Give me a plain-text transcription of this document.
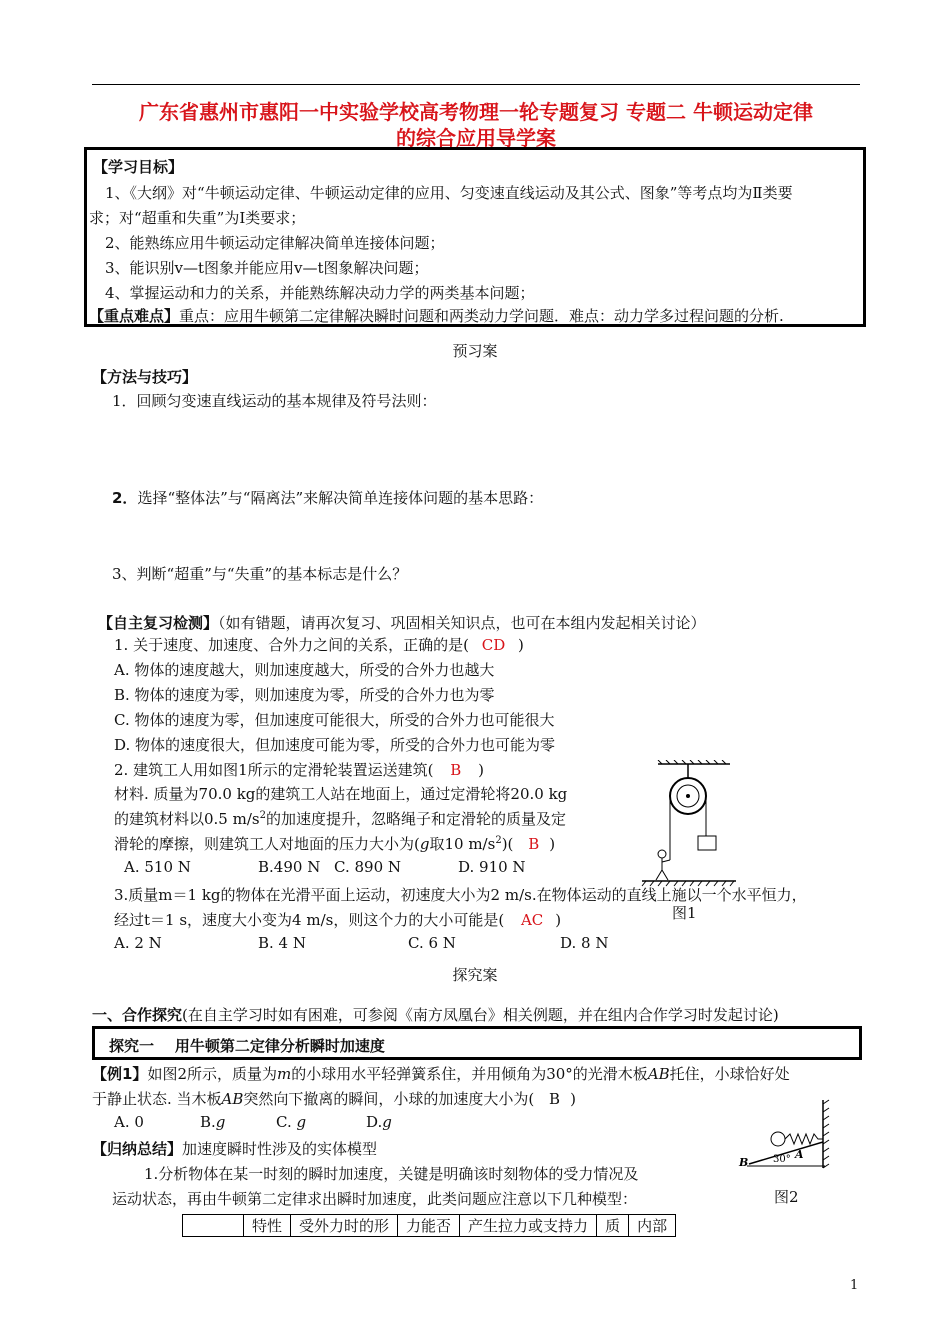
广东省惠州市惠阳一中实验学校高考物理一轮专题复习 专题二 牛顿运动定律
的综合应用导学案
【学习目标】
1、《大纲》对“牛顿运动定律、牛顿运动定律的应用、匀变速直线运动及其公式、图象”等考点均为Ⅱ类要
求；对“超重和失重”为Ⅰ类要求；
2、能熟练应用牛顿运动定律解决简单连接体问题；
3、能识别v—t图象并能应用v—t图象解决问题；
4、掌握运动和力的关系，并能熟练解决动力学的两类基本问题；
【重点难点】重点：应用牛顿第二定律解决瞬时问题和两类动力学问题．难点：动力学多过程问题的分析.
预习案
【方法与技巧】
1．回顾匀变速直线运动的基本规律及符号法则：
2．选择“整体法”与“隔离法”来解决简单连接体问题的基本思路：
3、判断“超重”与“失重”的基本标志是什么？
【自主复习检测】（如有错题，请再次复习、巩固相关知识点，也可在本组内发起相关讨论）
1. 关于速度、加速度、合外力之间的关系，正确的是( CD )
A. 物体的速度越大，则加速度越大，所受的合外力也越大
B. 物体的速度为零，则加速度为零，所受的合外力也为零
C. 物体的速度为零，但加速度可能很大，所受的合外力也可能很大
D. 物体的速度很大，但加速度可能为零，所受的合外力也可能为零
2. 建筑工人用如图1所示的定滑轮装置运送建筑( B )
材料. 质量为70.0 kg的建筑工人站在地面上，通过定滑轮将20.0 kg
的建筑材料以0.5 $m/s^2$的加速度提升，忽略绳子和定滑轮的质量及定
滑轮的摩擦，则建筑工人对地面的压力大小为(g取10 $m/s^2$)( B )
A. 510 N	B.490 N C. 890 N	D. 910 N
3.质量m＝1 kg的物体在光滑平面上运动，初速度大小为2 m/s.在物体运动的直线上施以一个水平恒力，
图1
经过t＝1 s，速度大小变为4 m/s，则这个力的大小可能是( AC )
A. 2 N	B. 4 N	C. 6 N	D. 8 N
探究案
一、合作探究(在自主学习时如有困难，可参阅《南方凤凰台》相关例题，并在组内合作学习时发起讨论)
探究一    用牛顿第二定律分析瞬时加速度
【例1】如图2所示，质量为m的小球用水平轻弹簧系住，并用倾角为30°的光滑木板AB托住，小球恰好处
于静止状态. 当木板AB突然向下撤离的瞬间，小球的加速度大小为( B )
A. 0	B.g	C. g	D.g
【归纳总结】加速度瞬时性涉及的实体模型
1.分析物体在某一时刻的瞬时加速度，关键是明确该时刻物体的受力情况及
运动状态，再由牛顿第二定律求出瞬时加速度，此类问题应注意以下几种模型：
B 30° A
图2
	特性	受外力时的形	力能否	产生拉力或支持力	质	内部
1
